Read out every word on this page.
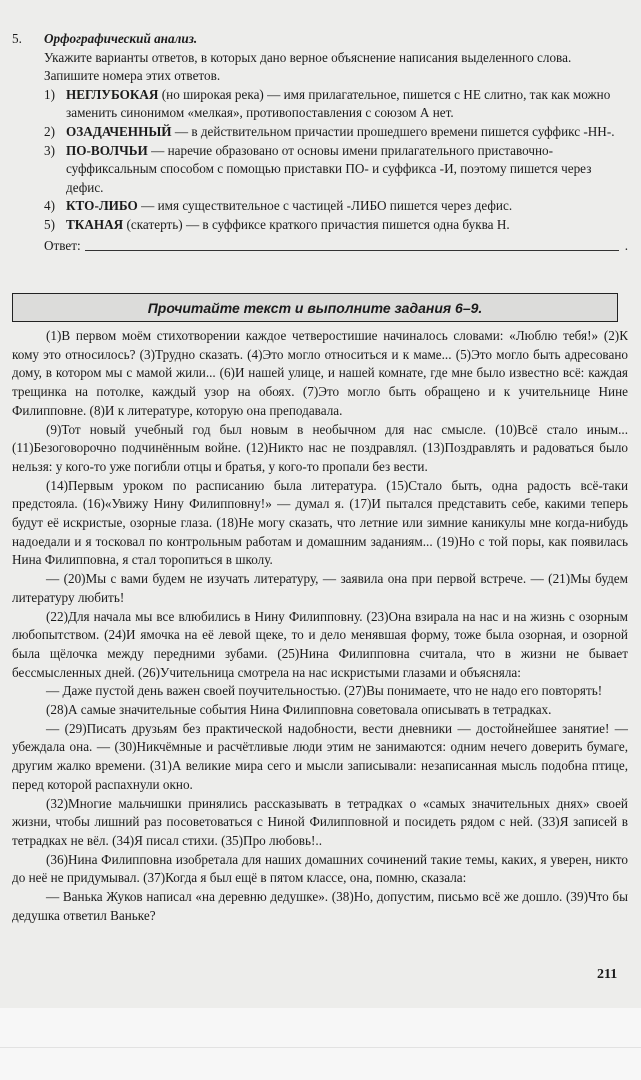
5.	Орфографический анализ.
Укажите варианты ответов, в которых дано верное объяснение написания выделенного слова. Запишите номера этих ответов.
1) НЕГЛУБОКАЯ (но широкая река) — имя прилагательное, пишется с НЕ слитно, так как можно заменить синонимом «мелкая», противопоставления с союзом А нет.
2) ОЗАДАЧЕННЫЙ — в действительном причастии прошедшего времени пишется суффикс -НН-.
3) ПО-ВОЛЧЬИ — наречие образовано от основы имени прилагательного приставочно-суффиксальным способом с помощью приставки ПО- и суффикса -И, поэтому пишется через дефис.
4) КТО-ЛИБО — имя существительное с частицей -ЛИБО пишется через дефис.
5) ТКАНАЯ (скатерть) — в суффиксе краткого причастия пишется одна буква Н.
Ответ:	.
Прочитайте текст и выполните задания 6–9.

(1)В первом моём стихотворении каждое четверостишие начиналось словами: «Люблю тебя!» (2)К кому это относилось? (3)Трудно сказать. (4)Это могло относиться и к маме... (5)Это могло быть адресовано дому, в котором мы с мамой жили... (6)И нашей улице, и нашей комнате, где мне было известно всё: каждая трещинка на потолке, каждый узор на обоях. (7)Это могло быть обращено и к учительнице Нине Филипповне. (8)И к литературе, которую она преподавала.

(9)Тот новый учебный год был новым в необычном для нас смысле. (10)Всё стало иным... (11)Безоговорочно подчинённым войне. (12)Никто нас не поздравлял. (13)Поздравлять и радоваться было нельзя: у кого-то уже погибли отцы и братья, у кого-то пропали без вести.

(14)Первым уроком по расписанию была литература. (15)Стало быть, одна радость всё-таки предстояла. (16)«Увижу Нину Филипповну!» — думал я. (17)И пытался представить себе, какими теперь будут её искристые, озорные глаза. (18)Не могу сказать, что летние или зимние каникулы мне когда-нибудь надоедали и я тосковал по контрольным работам и домашним заданиям... (19)Но с той поры, как появилась Нина Филипповна, я стал торопиться в школу.

— (20)Мы с вами будем не изучать литературу, — заявила она при первой встрече. — (21)Мы будем литературу любить!

(22)Для начала мы все влюбились в Нину Филипповну. (23)Она взирала на нас и на жизнь с озорным любопытством. (24)И ямочка на её левой щеке, то и дело менявшая форму, тоже была озорная, и озорной была щёлочка между передними зубами. (25)Нина Филипповна считала, что в жизни не бывает бессмысленных дней. (26)Учительница смотрела на нас искристыми глазами и объясняла:

— Даже пустой день важен своей поучительностью. (27)Вы понимаете, что не надо его повторять!

(28)А самые значительные события Нина Филипповна советовала описывать в тетрадках.

— (29)Писать друзьям без практической надобности, вести дневники — достойнейшее занятие! — убеждала она. — (30)Никчёмные и расчётливые люди этим не занимаются: одним нечего доверить бумаге, другим жалко времени. (31)А великие мира сего и мысли записывали: незаписанная мысль подобна птице, перед которой распахнули окно.

(32)Многие мальчишки принялись рассказывать в тетрадках о «самых значительных днях» своей жизни, чтобы лишний раз посоветоваться с Ниной Филипповной и посидеть рядом с ней. (33)Я записей в тетрадках не вёл. (34)Я писал стихи. (35)Про любовь!..

(36)Нина Филипповна изобретала для наших домашних сочинений такие темы, каких, я уверен, никто до неё не придумывал. (37)Когда я был ещё в пятом классе, она, помню, сказала:

— Ванька Жуков написал «на деревню дедушке». (38)Но, допустим, письмо всё же дошло. (39)Что бы дедушка ответил Ваньке?

211
